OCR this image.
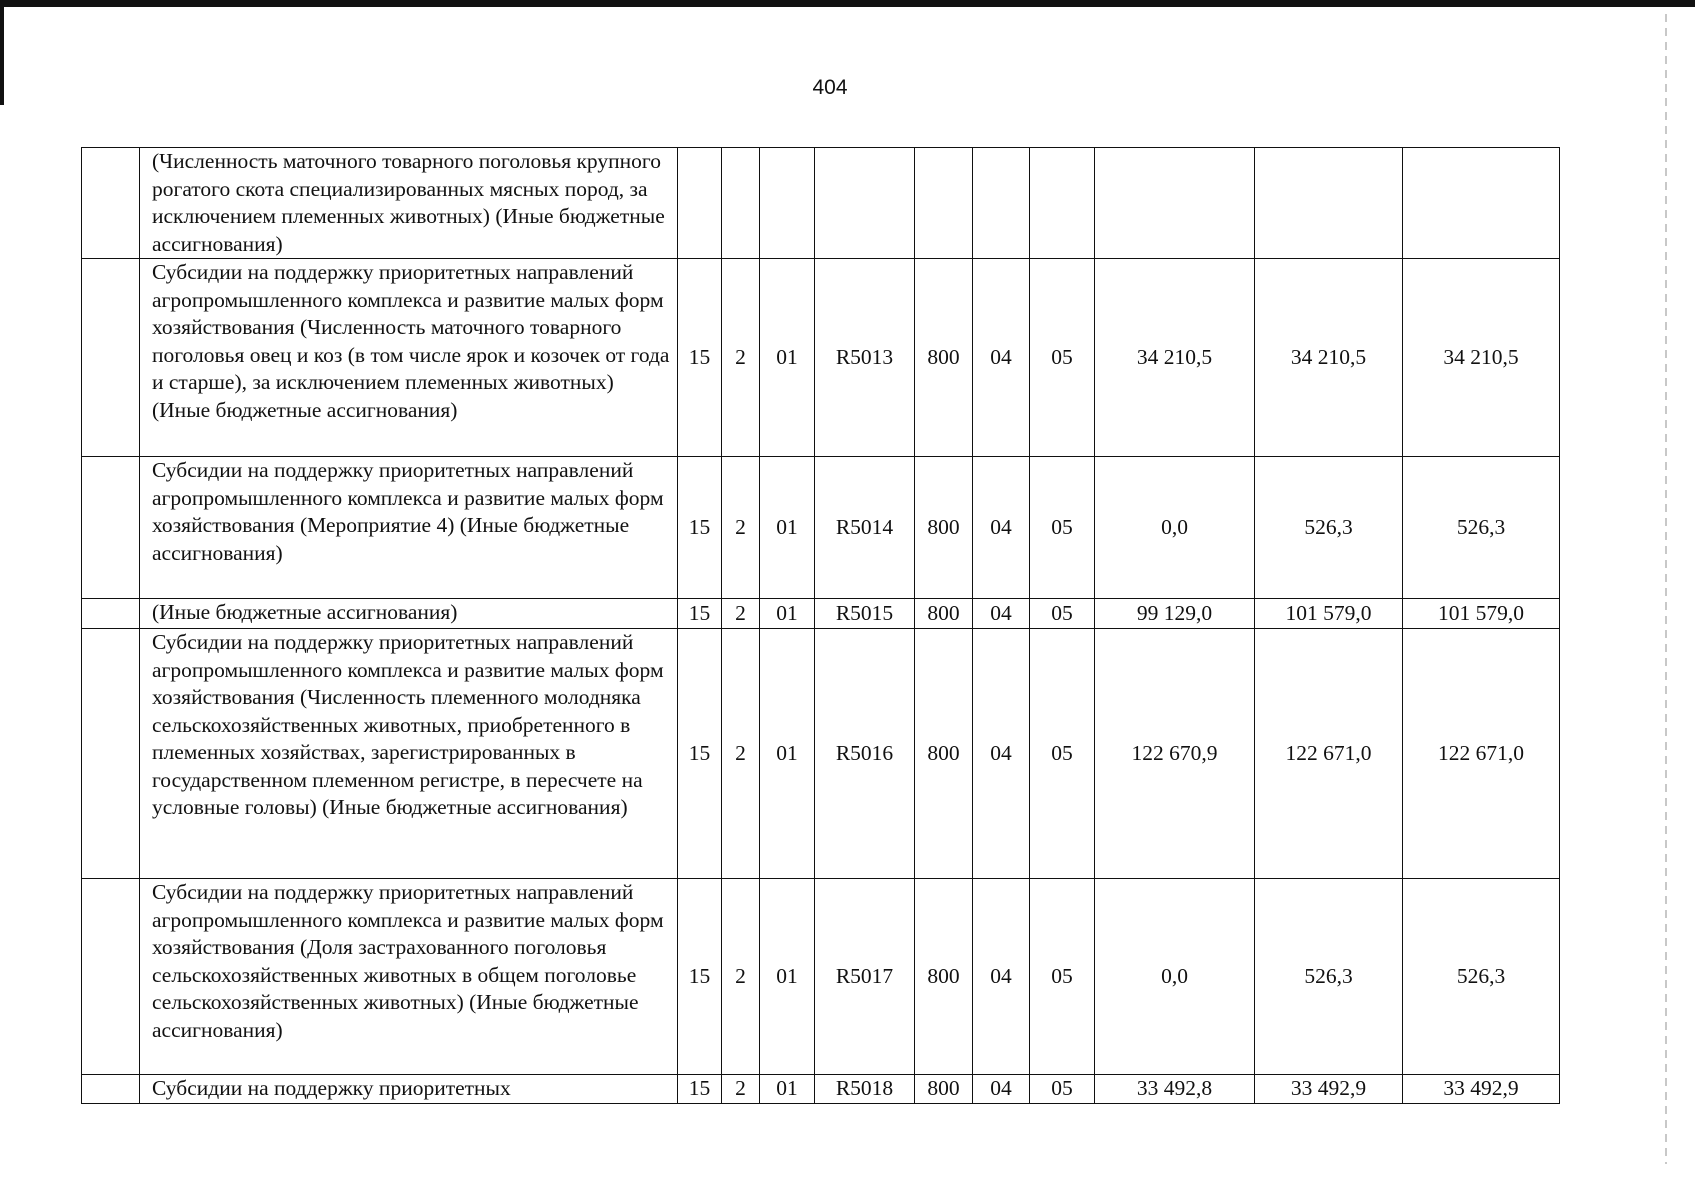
404
	(Численность маточного товарного поголовья крупного рогатого скота специализированных мясных пород, за исключением племенных животных) (Иные бюджетные ассигнования)										
	Субсидии на поддержку приоритетных направлений агропромышленного комплекса и развитие малых форм хозяйствования (Численность маточного товарного поголовья овец и коз (в том числе ярок и козочек от года и старше), за исключением племенных животных) (Иные бюджетные ассигнования)	15	2	01	R5013	800	04	05	34 210,5	34 210,5	34 210,5
	Субсидии на поддержку приоритетных направлений агропромышленного комплекса и развитие малых форм хозяйствования (Мероприятие 4) (Иные бюджетные ассигнования)	15	2	01	R5014	800	04	05	0,0	526,3	526,3
	(Иные бюджетные ассигнования)	15	2	01	R5015	800	04	05	99 129,0	101 579,0	101 579,0
	Субсидии на поддержку приоритетных направлений агропромышленного комплекса и развитие малых форм хозяйствования (Численность племенного молодняка сельскохозяйственных животных, приобретенного в племенных хозяйствах, зарегистрированных в государственном племенном регистре, в пересчете на условные головы) (Иные бюджетные ассигнования)	15	2	01	R5016	800	04	05	122 670,9	122 671,0	122 671,0
	Субсидии на поддержку приоритетных направлений агропромышленного комплекса и развитие малых форм хозяйствования (Доля застрахованного поголовья сельскохозяйственных животных в общем поголовье сельскохозяйственных животных) (Иные бюджетные ассигнования)	15	2	01	R5017	800	04	05	0,0	526,3	526,3
	Субсидии на поддержку приоритетных	15	2	01	R5018	800	04	05	33 492,8	33 492,9	33 492,9
